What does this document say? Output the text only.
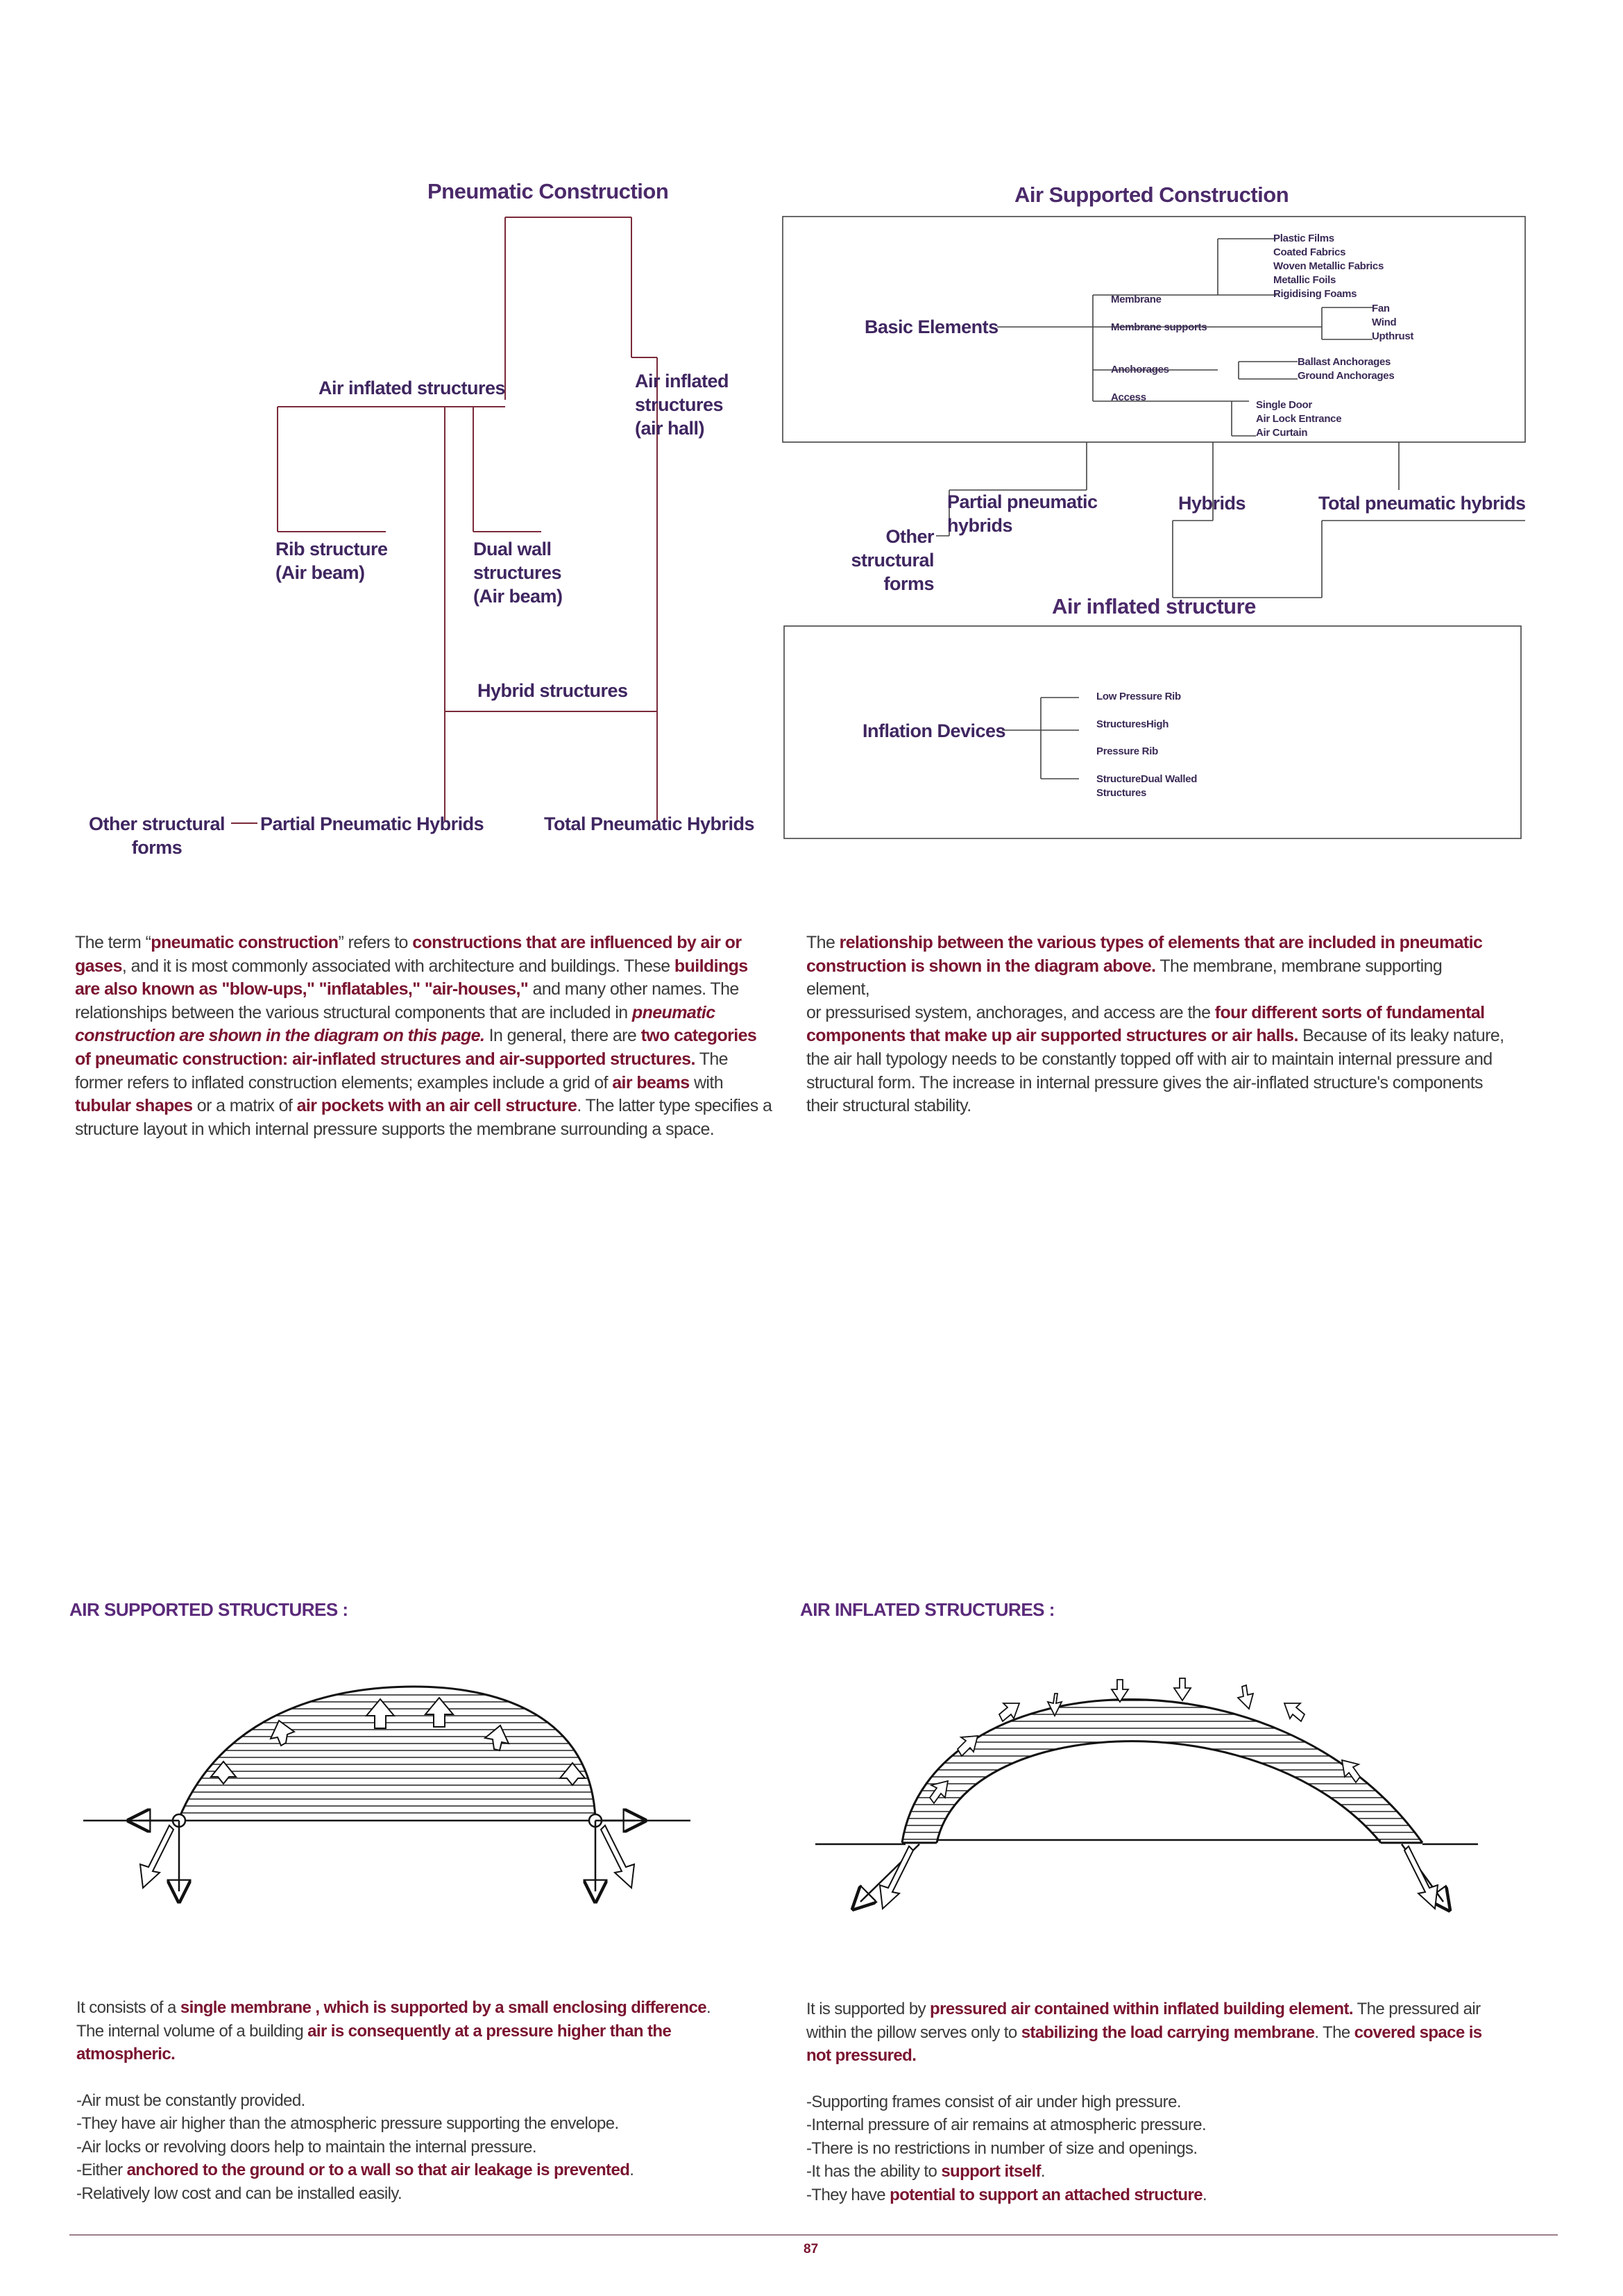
Pneumatic Construction
Air inflated structures	Air inflated
structures
(air hall)
Rib structure
(Air beam)
Dual wall
structures
(Air beam)
Hybrid structures
Other structural
forms
Partial Pneumatic Hybrids	Total Pneumatic Hybrids
Air Supported Construction
Basic Elements
Membrane
Membrane supports
Anchorages
Access
Plastic Films
Coated Fabrics
Woven Metallic Fabrics
Metallic Foils
Rigidising Foams
Fan
Wind
Upthrust
Ballast Anchorages
Ground Anchorages
Single Door
Air Lock Entrance
Air Curtain
Partial pneumatic
hybrids
Hybrids	Total pneumatic hybrids
Other
structural
forms
Air inflated structure
Inflation Devices
Low Pressure Rib
StructuresHigh
Pressure Rib
StructureDual Walled
Structures
The term “pneumatic construction” refers to constructions that are influenced by air or
gases, and it is most commonly associated with architecture and buildings. These buildings
are also known as "blow-ups," "inflatables," "air-houses," and many other names. The
relationships between the various structural components that are included in pneumatic
construction are shown in the diagram on this page. In general, there are two categories
of pneumatic construction: air-inflated structures and air-supported structures. The
former refers to inflated construction elements; examples include a grid of air beams with
tubular shapes or a matrix of air pockets with an air cell structure. The latter type specifies a
structure layout in which internal pressure supports the membrane surrounding a space.
The relationship between the various types of elements that are included in pneumatic
construction is shown in the diagram above. The membrane, membrane supporting element,
or pressurised system, anchorages, and access are the four different sorts of fundamental
components that make up air supported structures or air halls. Because of its leaky nature,
the air hall typology needs to be constantly topped off with air to maintain internal pressure and
structural form. The increase in internal pressure gives the air-inflated structure's components
their structural stability.
AIR SUPPORTED STRUCTURES :	AIR INFLATED STRUCTURES :
It consists of a single membrane , which is supported by a small enclosing difference.
The internal volume of a building air is consequently at a pressure higher than the
atmospheric.
-Air must be constantly provided.
-They have air higher than the atmospheric pressure supporting the envelope.
-Air locks or revolving doors help to maintain the internal pressure.
-Either anchored to the ground or to a wall so that air leakage is prevented.
-Relatively low cost and can be installed easily.
It is supported by pressured air contained within inflated building element. The pressured air
within the pillow serves only to stabilizing the load carrying membrane. The covered space is
not pressured.
-Supporting frames consist of air under high pressure.
-Internal pressure of air remains at atmospheric pressure.
-There is no restrictions in number of size and openings.
-It has the ability to support itself.
-They have potential to support an attached structure.
87
